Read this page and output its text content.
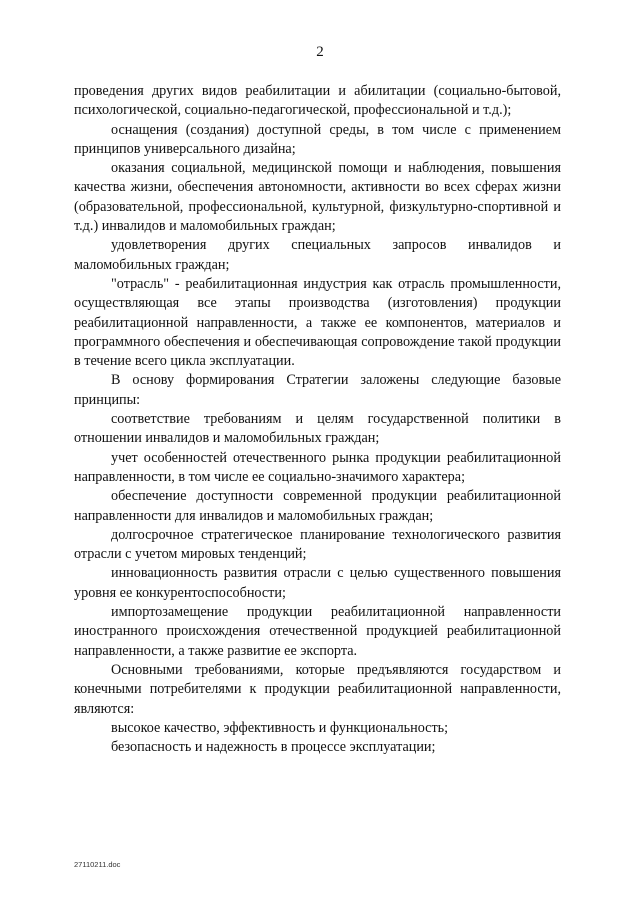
2

проведения других видов реабилитации и абилитации (социально-бытовой, психологической, социально-педагогической, профессиональной и т.д.);

оснащения (создания) доступной среды, в том числе с применением принципов универсального дизайна;

оказания социальной, медицинской помощи и наблюдения, повышения качества жизни, обеспечения автономности, активности во всех сферах жизни (образовательной, профессиональной, культурной, физкультурно-спортивной и т.д.) инвалидов и маломобильных граждан;

удовлетворения других специальных запросов инвалидов и маломобильных граждан;

"отрасль" - реабилитационная индустрия как отрасль промышленности, осуществляющая все этапы производства (изготовления) продукции реабилитационной направленности, а также ее компонентов, материалов и программного обеспечения и обеспечивающая сопровождение такой продукции в течение всего цикла эксплуатации.

В основу формирования Стратегии заложены следующие базовые принципы:

соответствие требованиям и целям государственной политики в отношении инвалидов и маломобильных граждан;

учет особенностей отечественного рынка продукции реабилитационной направленности, в том числе ее социально-значимого характера;

обеспечение доступности современной продукции реабилитационной направленности для инвалидов и маломобильных граждан;

долгосрочное стратегическое планирование технологического развития отрасли с учетом мировых тенденций;

инновационность развития отрасли с целью существенного повышения уровня ее конкурентоспособности;

импортозамещение продукции реабилитационной направленности иностранного происхождения отечественной продукцией реабилитационной направленности, а также развитие ее экспорта.

Основными требованиями, которые предъявляются государством и конечными потребителями к продукции реабилитационной направленности, являются:

высокое качество, эффективность и функциональность;

безопасность и надежность в процессе эксплуатации;

27110211.doc
